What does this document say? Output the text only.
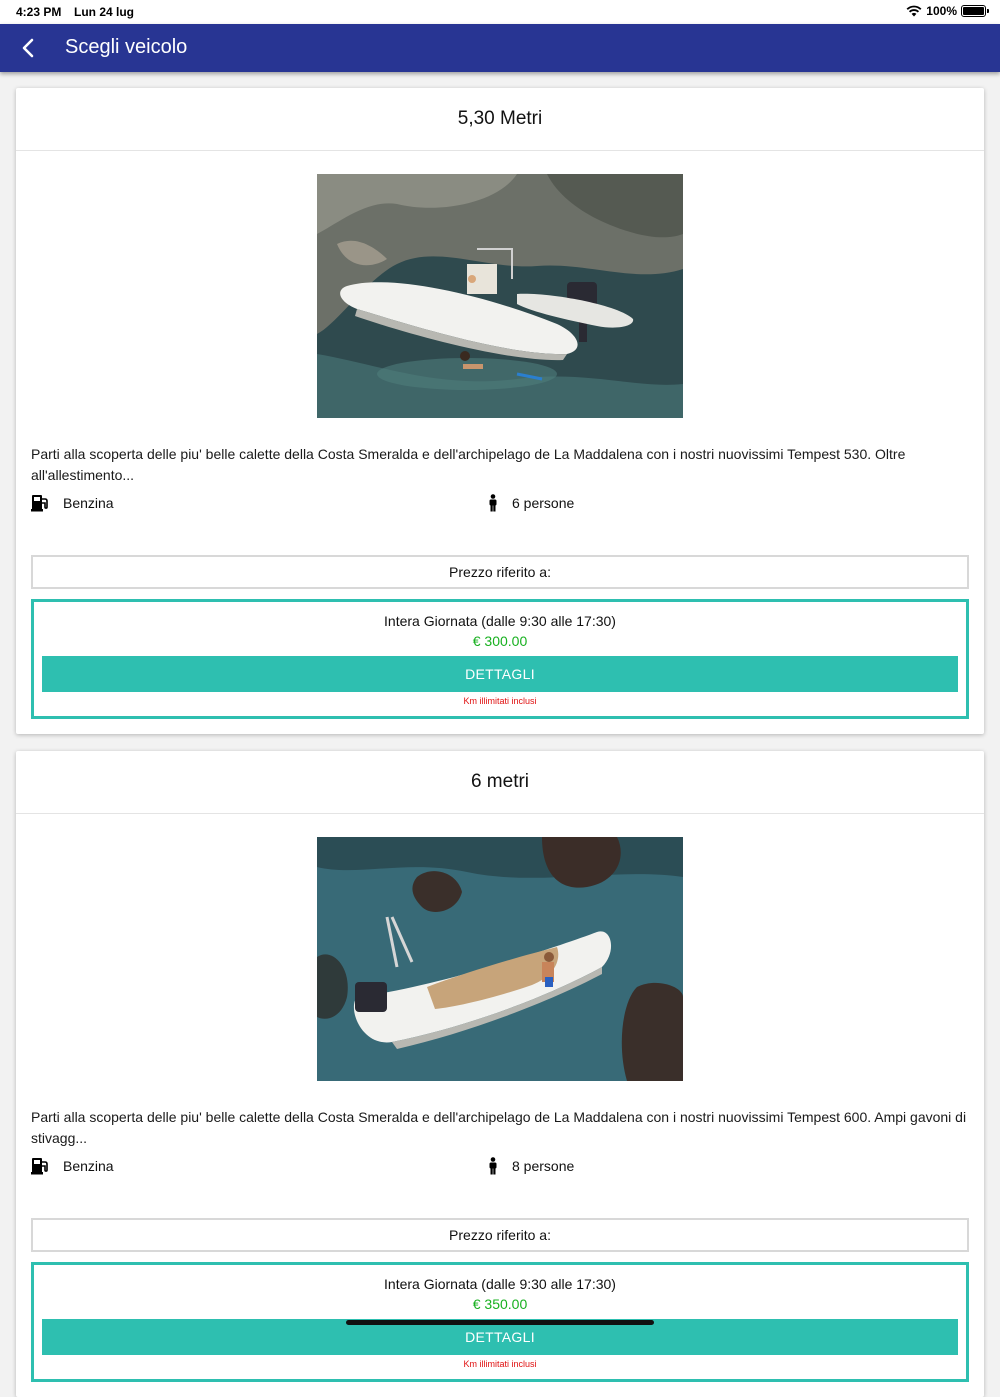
4:23 PM Lun 24 lug	100%
Scegli veicolo
5,30 Metri
Parti alla scoperta delle piu' belle calette della Costa Smeralda e dell'archipelago de La Maddalena con i nostri nuovissimi Tempest 530. Oltre all'allestimento...
Benzina	6 persone
Prezzo riferito a:
Intera Giornata (dalle 9:30 alle 17:30)
€ 300.00
DETTAGLI
Km illimitati inclusi
6 metri
Parti alla scoperta delle piu' belle calette della Costa Smeralda e dell'archipelago de La Maddalena con i nostri nuovissimi Tempest 600. Ampi gavoni di stivagg...
Benzina	8 persone
Prezzo riferito a:
Intera Giornata (dalle 9:30 alle 17:30)
€ 350.00
DETTAGLI
Km illimitati inclusi
